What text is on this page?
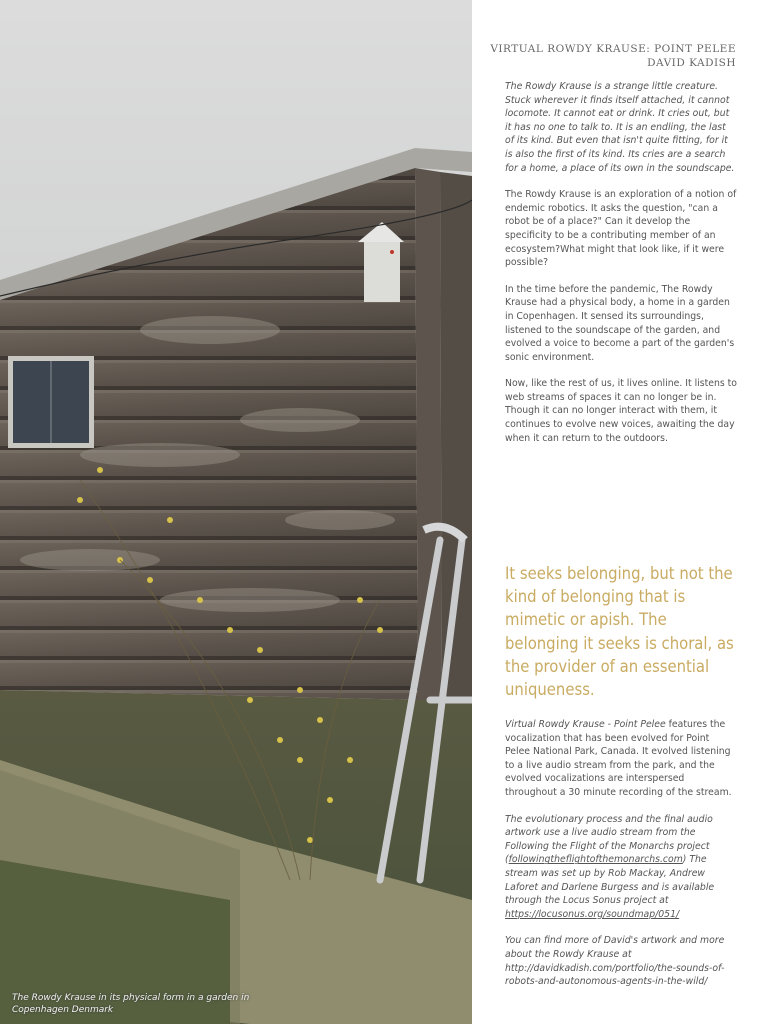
The Rowdy Krause in its physical form in a garden in Copenhagen Denmark
VIRTUAL ROWDY KRAUSE: POINT PELEE
DAVID KADISH

The Rowdy Krause is a strange little creature. Stuck wherever it finds itself attached, it cannot locomote. It cannot eat or drink. It cries out, but it has no one to talk to. It is an endling, the last of its kind. But even that isn't quite fitting, for it is also the first of its kind. Its cries are a search for a home, a place of its own in the soundscape.

The Rowdy Krause is an exploration of a notion of endemic robotics. It asks the question, "can a robot be of a place?" Can it develop the specificity to be a contributing member of an ecosystem?What might that look like, if it were possible?

In the time before the pandemic, The Rowdy Krause had a physical body, a home in a garden in Copenhagen. It sensed its surroundings, listened to the soundscape of the garden, and evolved a voice to become a part of the garden's sonic environment.

Now, like the rest of us, it lives online. It listens to web streams of spaces it can no longer be in. Though it can no longer interact with them, it continues to evolve new voices, awaiting the day when it can return to the outdoors.

It seeks belonging, but not the kind of belonging that is mimetic or apish. The belonging it seeks is choral, as the provider of an essential uniqueness.

Virtual Rowdy Krause - Point Pelee features the vocalization that has been evolved for Point Pelee National Park, Canada. It evolved listening to a live audio stream from the park, and the evolved vocalizations are interspersed throughout a 30 minute recording of the stream.

The evolutionary process and the final audio artwork use a live audio stream from the Following the Flight of the Monarchs project (followingtheflightofthemonarchs.com) The stream was set up by Rob Mackay, Andrew Laforet and Darlene Burgess and is available through the Locus Sonus project at https://locusonus.org/soundmap/051/

You can find more of David's artwork and more about the Rowdy Krause at http://davidkadish.com/portfolio/the-sounds-of-robots-and-autonomous-agents-in-the-wild/
